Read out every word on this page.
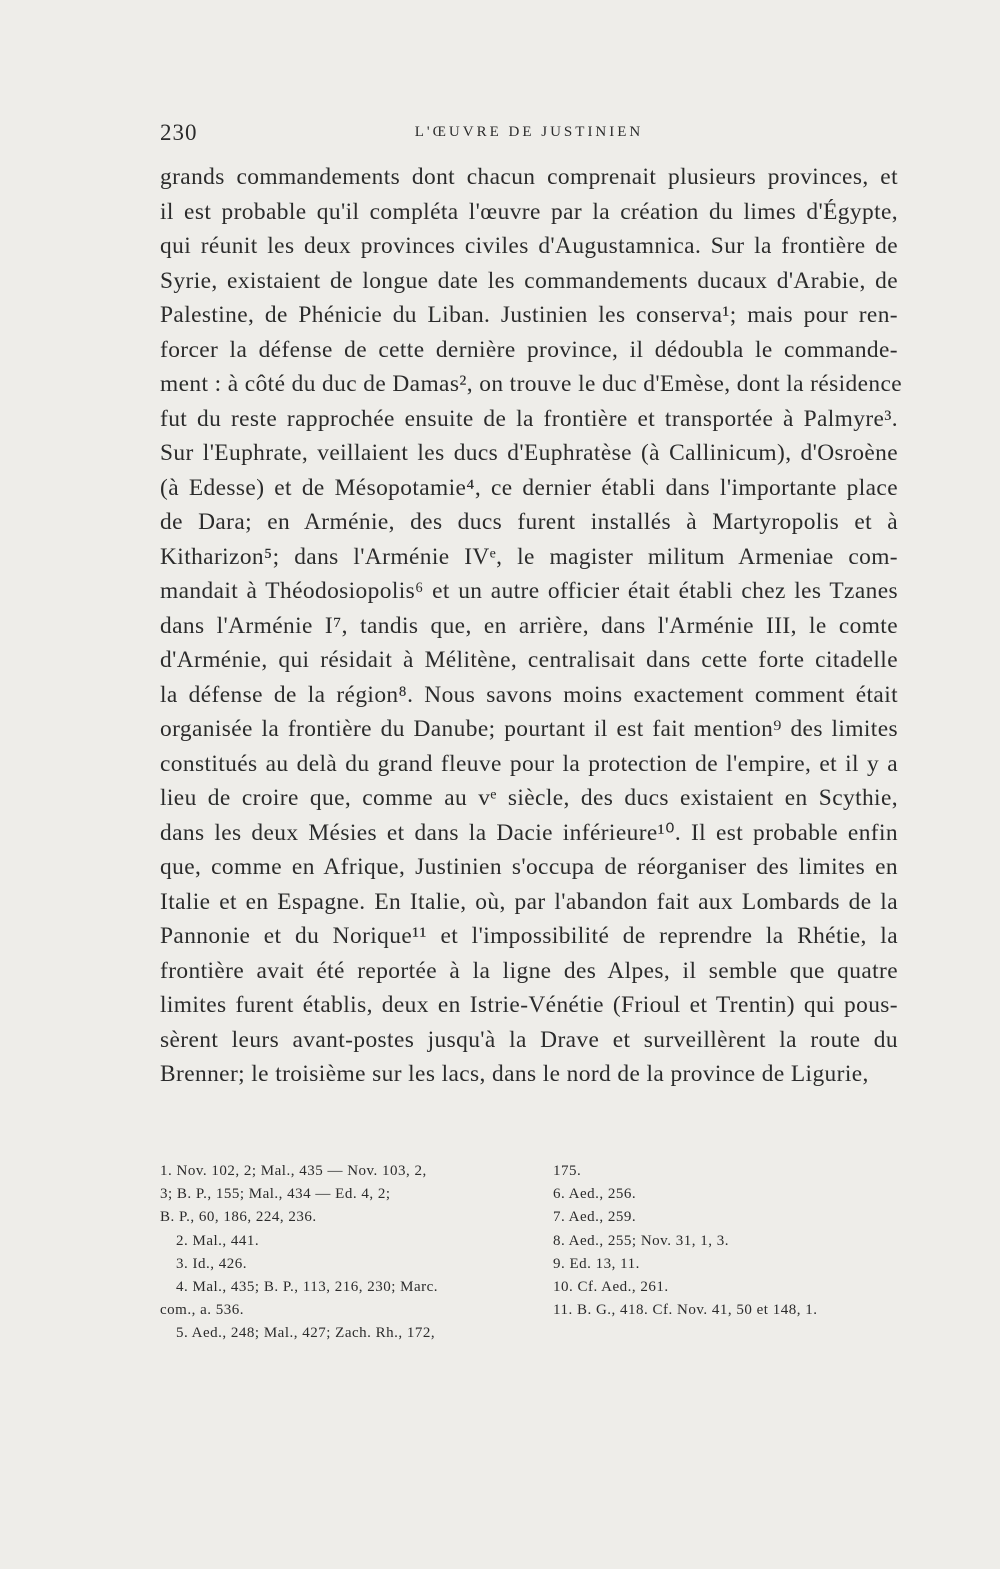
230	L'ŒUVRE DE JUSTINIEN
grands commandements dont chacun comprenait plusieurs provinces, et
il est probable qu'il compléta l'œuvre par la création du limes d'Égypte,
qui réunit les deux provinces civiles d'Augustamnica. Sur la frontière de
Syrie, existaient de longue date les commandements ducaux d'Arabie, de
Palestine, de Phénicie du Liban. Justinien les conserva¹; mais pour ren-
forcer la défense de cette dernière province, il dédoubla le commande-
ment : à côté du duc de Damas², on trouve le duc d'Emèse, dont la résidence
fut du reste rapprochée ensuite de la frontière et transportée à Palmyre³.
Sur l'Euphrate, veillaient les ducs d'Euphratèse (à Callinicum), d'Osroène
(à Edesse) et de Mésopotamie⁴, ce dernier établi dans l'importante place
de Dara; en Arménie, des ducs furent installés à Martyropolis et à
Kitharizon⁵; dans l'Arménie IVᵉ, le magister militum Armeniae com-
mandait à Théodosiopolis⁶ et un autre officier était établi chez les Tzanes
dans l'Arménie I⁷, tandis que, en arrière, dans l'Arménie III, le comte
d'Arménie, qui résidait à Mélitène, centralisait dans cette forte citadelle
la défense de la région⁸. Nous savons moins exactement comment était
organisée la frontière du Danube; pourtant il est fait mention⁹ des limites
constitués au delà du grand fleuve pour la protection de l'empire, et il y a
lieu de croire que, comme au vᵉ siècle, des ducs existaient en Scythie,
dans les deux Mésies et dans la Dacie inférieure¹⁰. Il est probable enfin
que, comme en Afrique, Justinien s'occupa de réorganiser des limites en
Italie et en Espagne. En Italie, où, par l'abandon fait aux Lombards de la
Pannonie et du Norique¹¹ et l'impossibilité de reprendre la Rhétie, la
frontière avait été reportée à la ligne des Alpes, il semble que quatre
limites furent établis, deux en Istrie-Vénétie (Frioul et Trentin) qui pous-
sèrent leurs avant-postes jusqu'à la Drave et surveillèrent la route du
Brenner; le troisième sur les lacs, dans le nord de la province de Ligurie,
1. Nov. 102, 2; Mal., 435 — Nov. 103, 2,
3; B. P., 155; Mal., 434 — Ed. 4, 2;
B. P., 60, 186, 224, 236.
2. Mal., 441.
3. Id., 426.
4. Mal., 435; B. P., 113, 216, 230; Marc.
com., a. 536.
5. Aed., 248; Mal., 427; Zach. Rh., 172,
175.
6. Aed., 256.
7. Aed., 259.
8. Aed., 255; Nov. 31, 1, 3.
9. Ed. 13, 11.
10. Cf. Aed., 261.
11. B. G., 418. Cf. Nov. 41, 50 et 148, 1.
